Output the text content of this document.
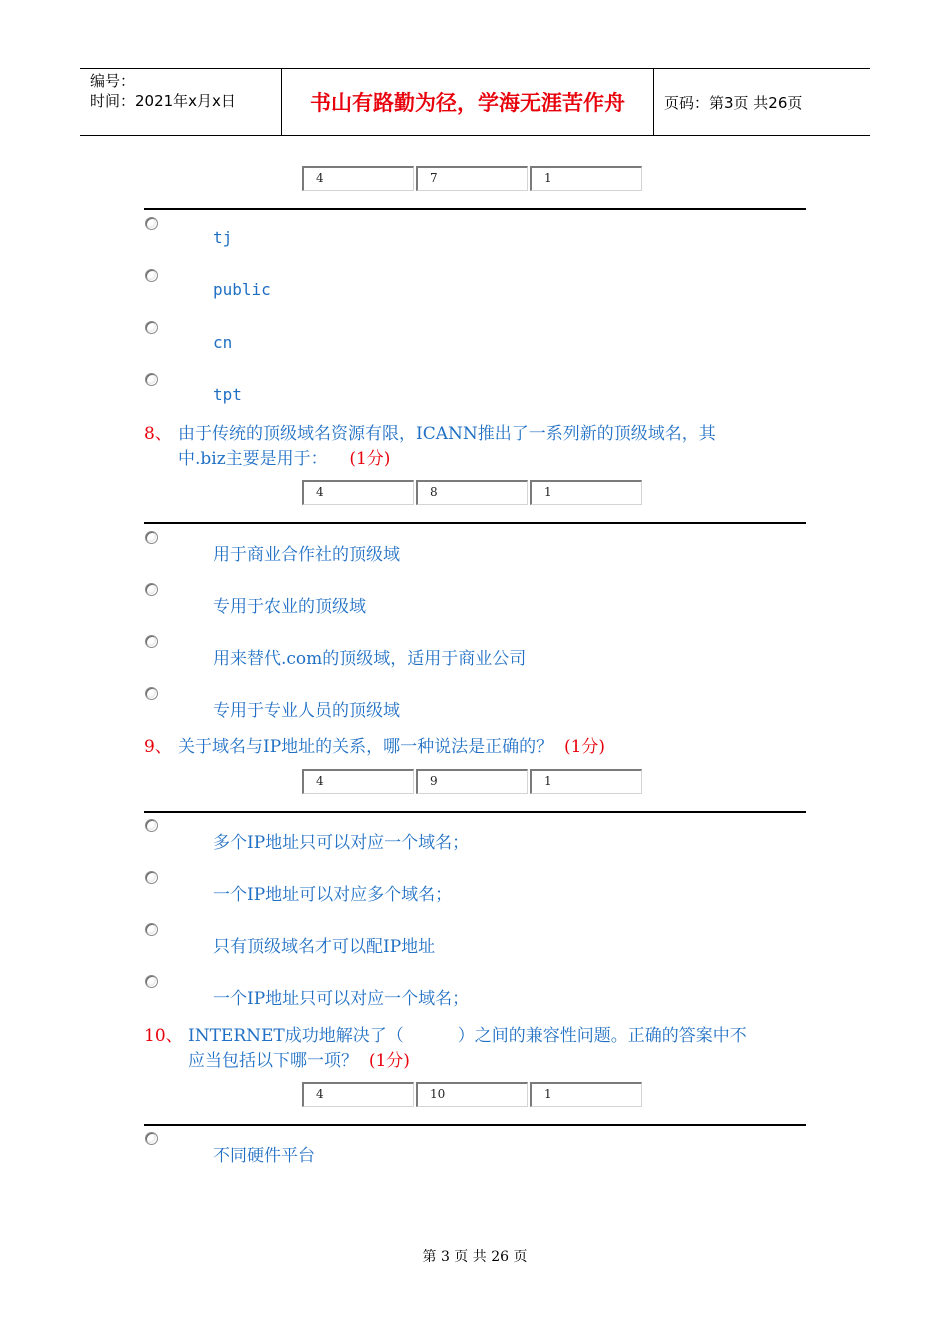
编号：
时间：2021年x月x日	书山有路勤为径，学海无涯苦作舟	页码：第3页 共26页
4	7	1
tj
public
cn
tpt
8、 由于传统的顶级域名资源有限，ICANN推出了一系列新的顶级域名，其
中.biz主要是用于： (1分)
4	8	1
用于商业合作社的顶级域
专用于农业的顶级域
用来替代.com的顶级域，适用于商业公司
专用于专业人员的顶级域
9、 关于域名与IP地址的关系，哪一种说法是正确的？ (1分)
4	9	1
多个IP地址只可以对应一个域名；
一个IP地址可以对应多个域名；
只有顶级域名才可以配IP地址
一个IP地址只可以对应一个域名；
10、 INTERNET成功地解决了（          ）之间的兼容性问题。正确的答案中不
应当包括以下哪一项？ (1分)
4	10	1
不同硬件平台
第 3 页 共 26 页
